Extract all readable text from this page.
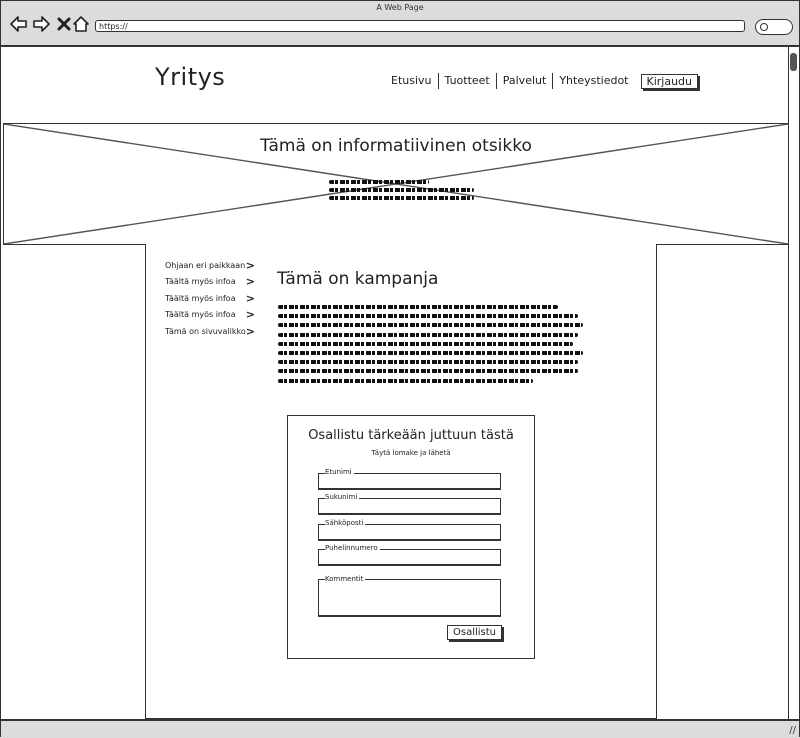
A Web Page
https://
Yritys	Etusivu	Tuotteet	Palvelut	Yhteystiedot	Kirjaudu
Tämä on informatiivinen otsikko
Ohjaan eri paikkaan >
Täältä myös infoa >
Täältä myös infoa >
Täältä myös infoa >
Tämä on sivuvalikko >
Tämä on kampanja
Osallistu tärkeään juttuun tästä
Täytä lomake ja lähetä
Etunimi
Sukunimi
Sähköposti
Puhelinnumero
Kommentit
Osallistu
//
